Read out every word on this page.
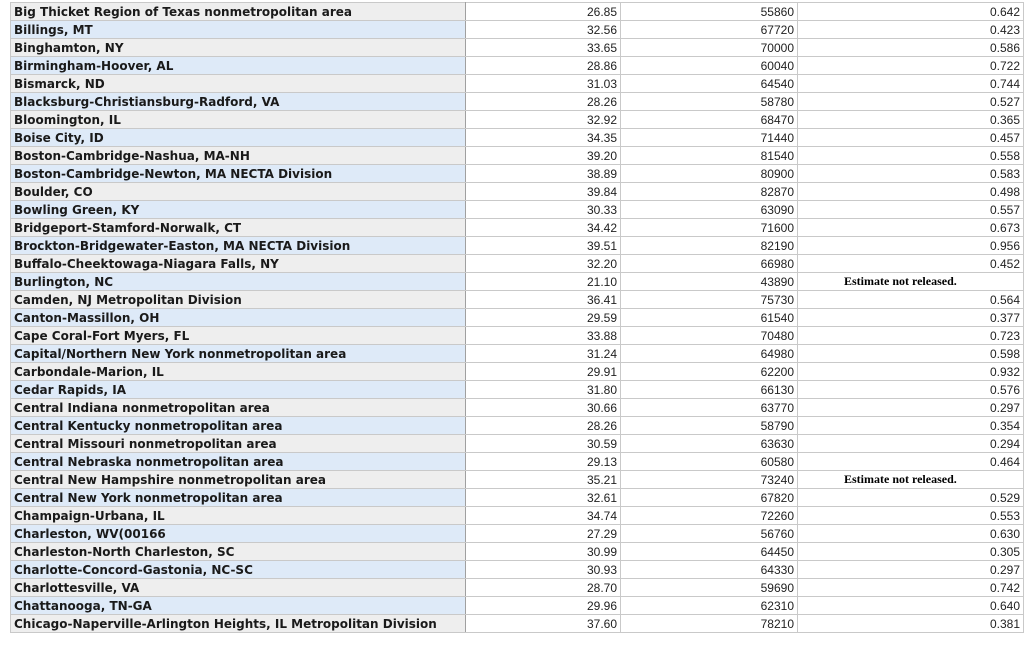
Big Thicket Region of Texas nonmetropolitan area	26.85	55860	0.642
Billings, MT	32.56	67720	0.423
Binghamton, NY	33.65	70000	0.586
Birmingham-Hoover, AL	28.86	60040	0.722
Bismarck, ND	31.03	64540	0.744
Blacksburg-Christiansburg-Radford, VA	28.26	58780	0.527
Bloomington, IL	32.92	68470	0.365
Boise City, ID	34.35	71440	0.457
Boston-Cambridge-Nashua, MA-NH	39.20	81540	0.558
Boston-Cambridge-Newton, MA NECTA Division	38.89	80900	0.583
Boulder, CO	39.84	82870	0.498
Bowling Green, KY	30.33	63090	0.557
Bridgeport-Stamford-Norwalk, CT	34.42	71600	0.673
Brockton-Bridgewater-Easton, MA NECTA Division	39.51	82190	0.956
Buffalo-Cheektowaga-Niagara Falls, NY	32.20	66980	0.452
Burlington, NC	21.10	43890	Estimate not released.
Camden, NJ Metropolitan Division	36.41	75730	0.564
Canton-Massillon, OH	29.59	61540	0.377
Cape Coral-Fort Myers, FL	33.88	70480	0.723
Capital/Northern New York nonmetropolitan area	31.24	64980	0.598
Carbondale-Marion, IL	29.91	62200	0.932
Cedar Rapids, IA	31.80	66130	0.576
Central Indiana nonmetropolitan area	30.66	63770	0.297
Central Kentucky nonmetropolitan area	28.26	58790	0.354
Central Missouri nonmetropolitan area	30.59	63630	0.294
Central Nebraska nonmetropolitan area	29.13	60580	0.464
Central New Hampshire nonmetropolitan area	35.21	73240	Estimate not released.
Central New York nonmetropolitan area	32.61	67820	0.529
Champaign-Urbana, IL	34.74	72260	0.553
Charleston, WV(00166	27.29	56760	0.630
Charleston-North Charleston, SC	30.99	64450	0.305
Charlotte-Concord-Gastonia, NC-SC	30.93	64330	0.297
Charlottesville, VA	28.70	59690	0.742
Chattanooga, TN-GA	29.96	62310	0.640
Chicago-Naperville-Arlington Heights, IL Metropolitan Division	37.60	78210	0.381
